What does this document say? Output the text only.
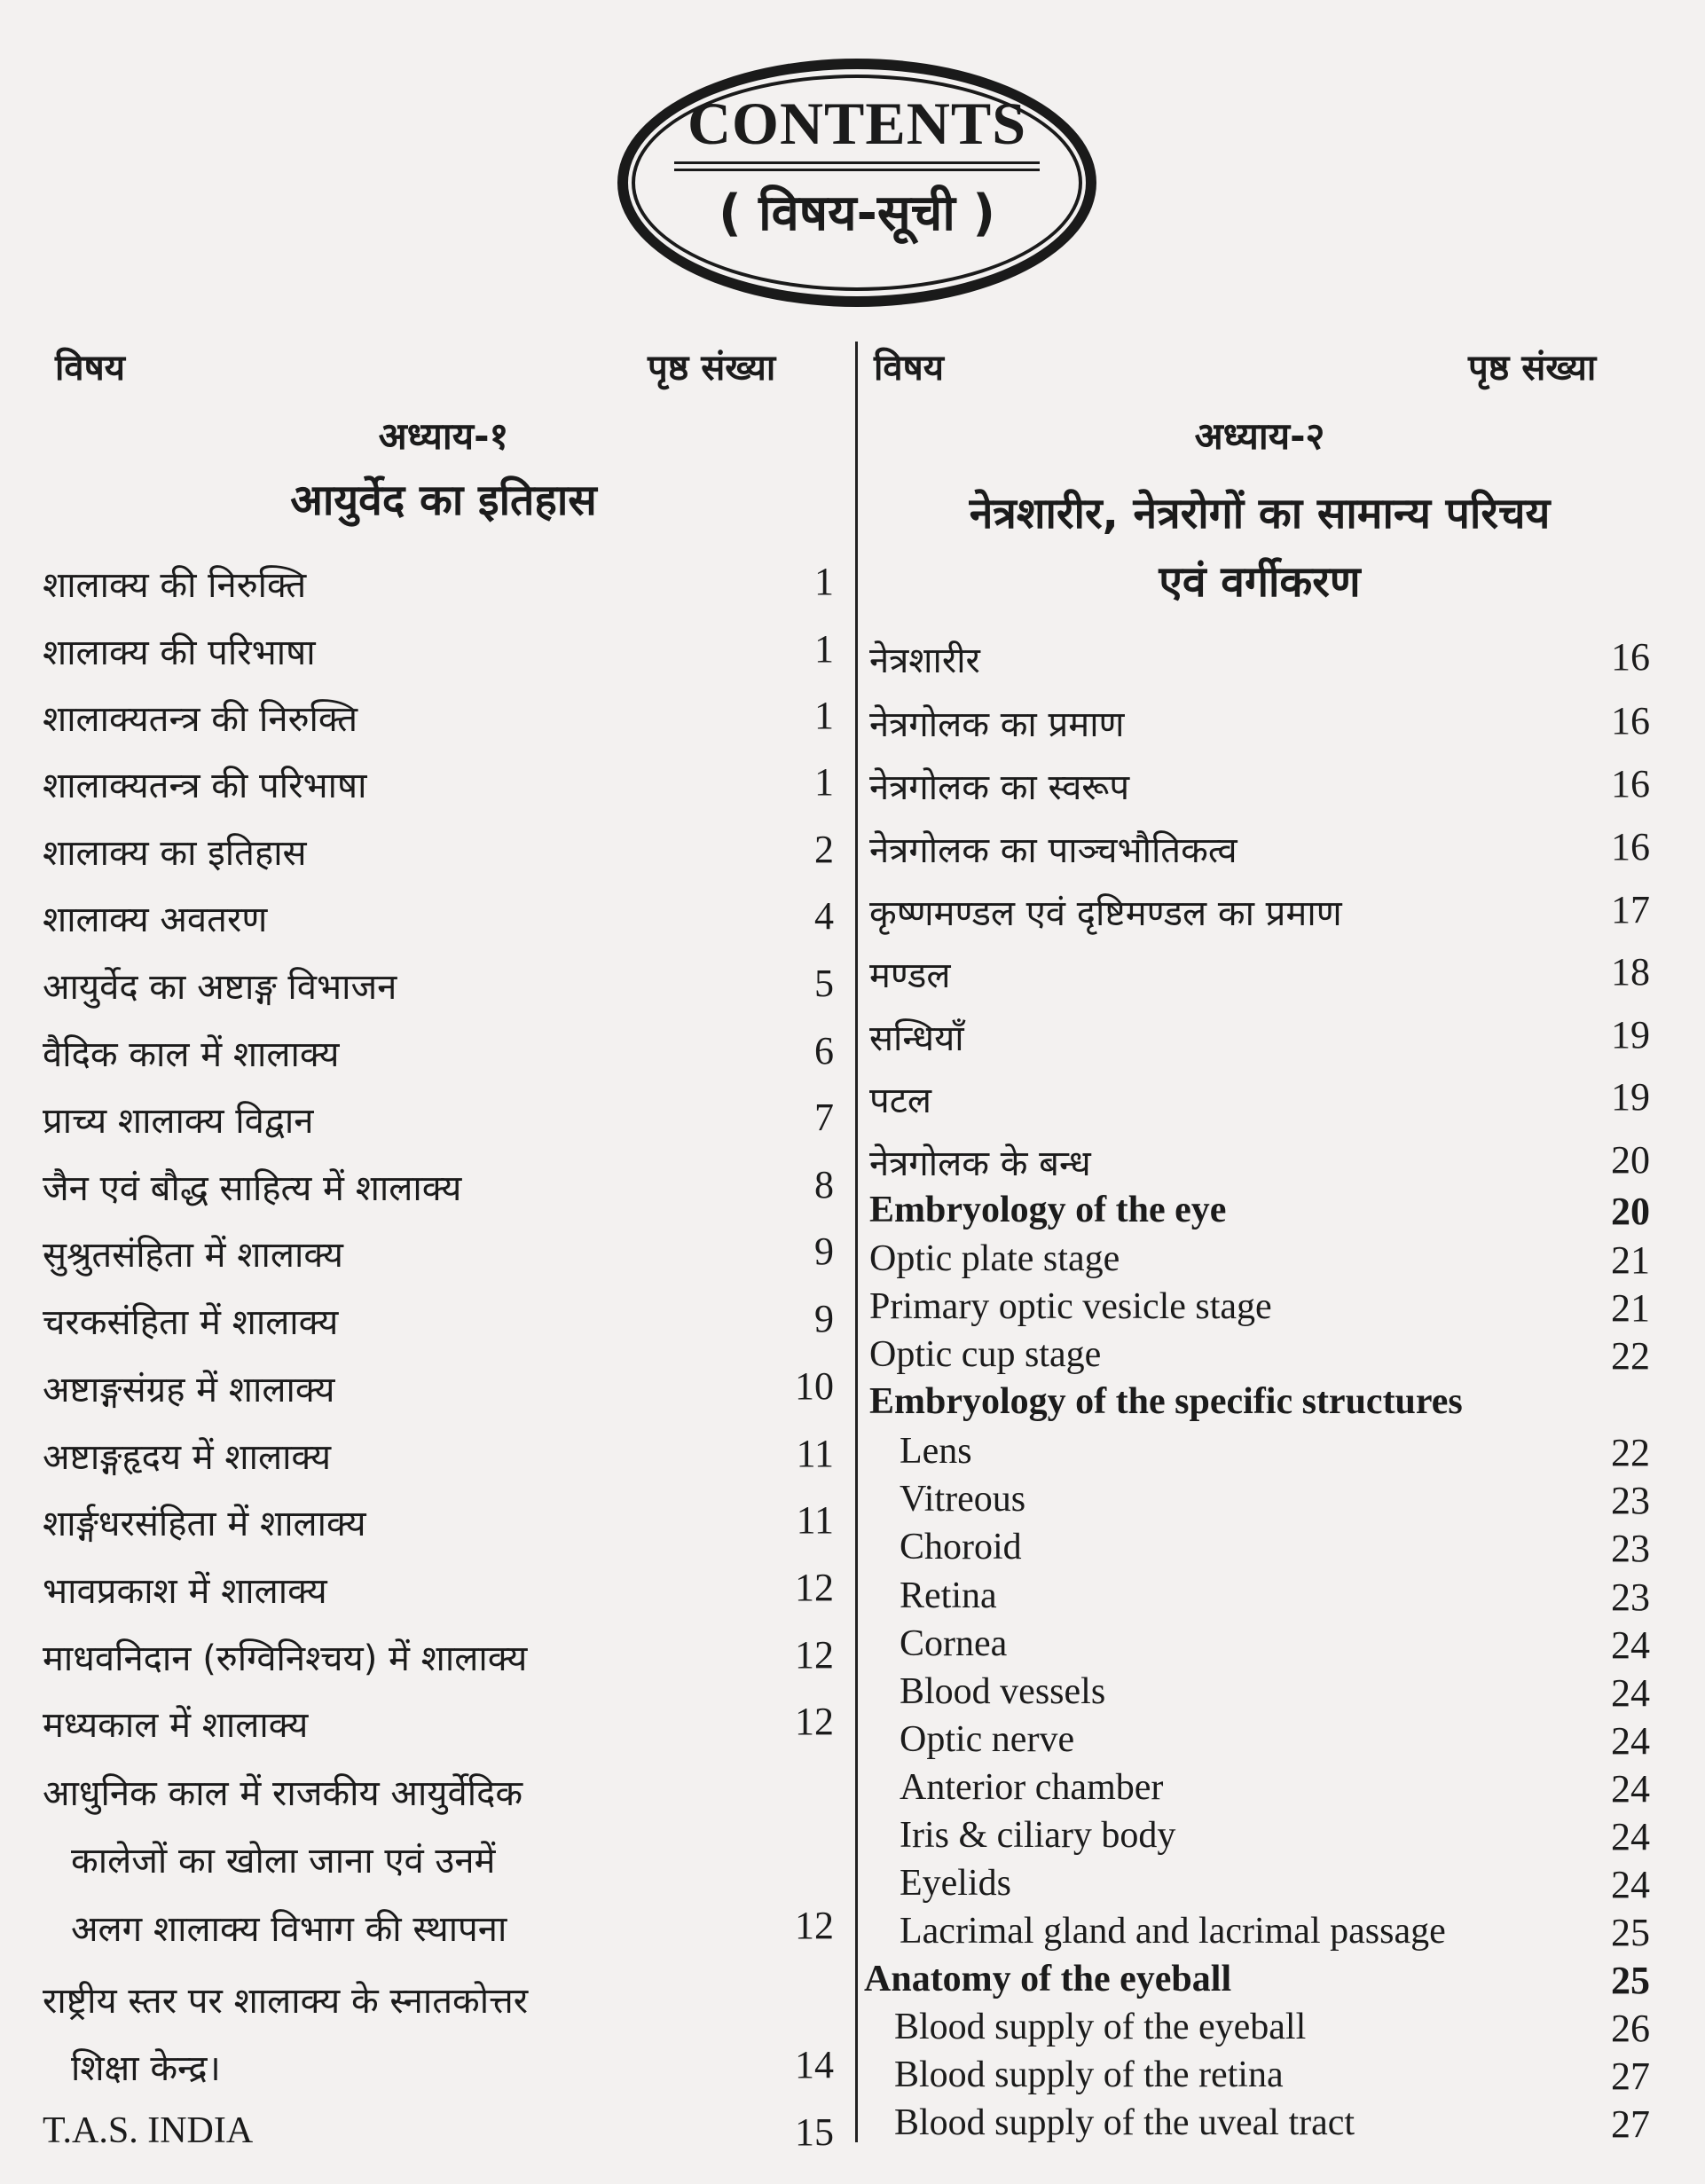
CONTENTS
( विषय-सूची )
विषय	पृष्ठ संख्या
अध्याय-१
आयुर्वेद का इतिहास
विषय	पृष्ठ संख्या
अध्याय-२
नेत्रशारीर, नेत्ररोगों का सामान्य परिचय
एवं वर्गीकरण
शालाक्य की निरुक्ति	1
शालाक्य की परिभाषा	1
शालाक्यतन्त्र की निरुक्ति	1
शालाक्यतन्त्र की परिभाषा	1
शालाक्य का इतिहास	2
शालाक्य अवतरण	4
आयुर्वेद का अष्टाङ्ग विभाजन	5
वैदिक काल में शालाक्य	6
प्राच्य शालाक्य विद्वान	7
जैन एवं बौद्ध साहित्य में शालाक्य	8
सुश्रुतसंहिता में शालाक्य	9
चरकसंहिता में शालाक्य	9
अष्टाङ्गसंग्रह में शालाक्य	10
अष्टाङ्गहृदय में शालाक्य	11
शार्ङ्गधरसंहिता में शालाक्य	11
भावप्रकाश में शालाक्य	12
माधवनिदान (रुग्विनिश्चय) में शालाक्य	12
मध्यकाल में शालाक्य	12
आधुनिक काल में राजकीय आयुर्वेदिक
कालेजों का खोला जाना एवं उनमें
अलग शालाक्य विभाग की स्थापना	12
राष्ट्रीय स्तर पर शालाक्य के स्नातकोत्तर
शिक्षा केन्द्र।	14
T.A.S. INDIA	15
नेत्रशारीर	16
नेत्रगोलक का प्रमाण	16
नेत्रगोलक का स्वरूप	16
नेत्रगोलक का पाञ्चभौतिकत्व	16
कृष्णमण्डल एवं दृष्टिमण्डल का प्रमाण	17
मण्डल	18
सन्धियाँ	19
पटल	19
नेत्रगोलक के बन्ध	20
Embryology of the eye	20
Optic plate stage	21
Primary optic vesicle stage	21
Optic cup stage	22
Embryology of the specific structures
Lens	22
Vitreous	23
Choroid	23
Retina	23
Cornea	24
Blood vessels	24
Optic nerve	24
Anterior chamber	24
Iris & ciliary body	24
Eyelids	24
Lacrimal gland and lacrimal passage	25
Anatomy of the eyeball	25
Blood supply of the eyeball	26
Blood supply of the retina	27
Blood supply of the uveal tract	27
